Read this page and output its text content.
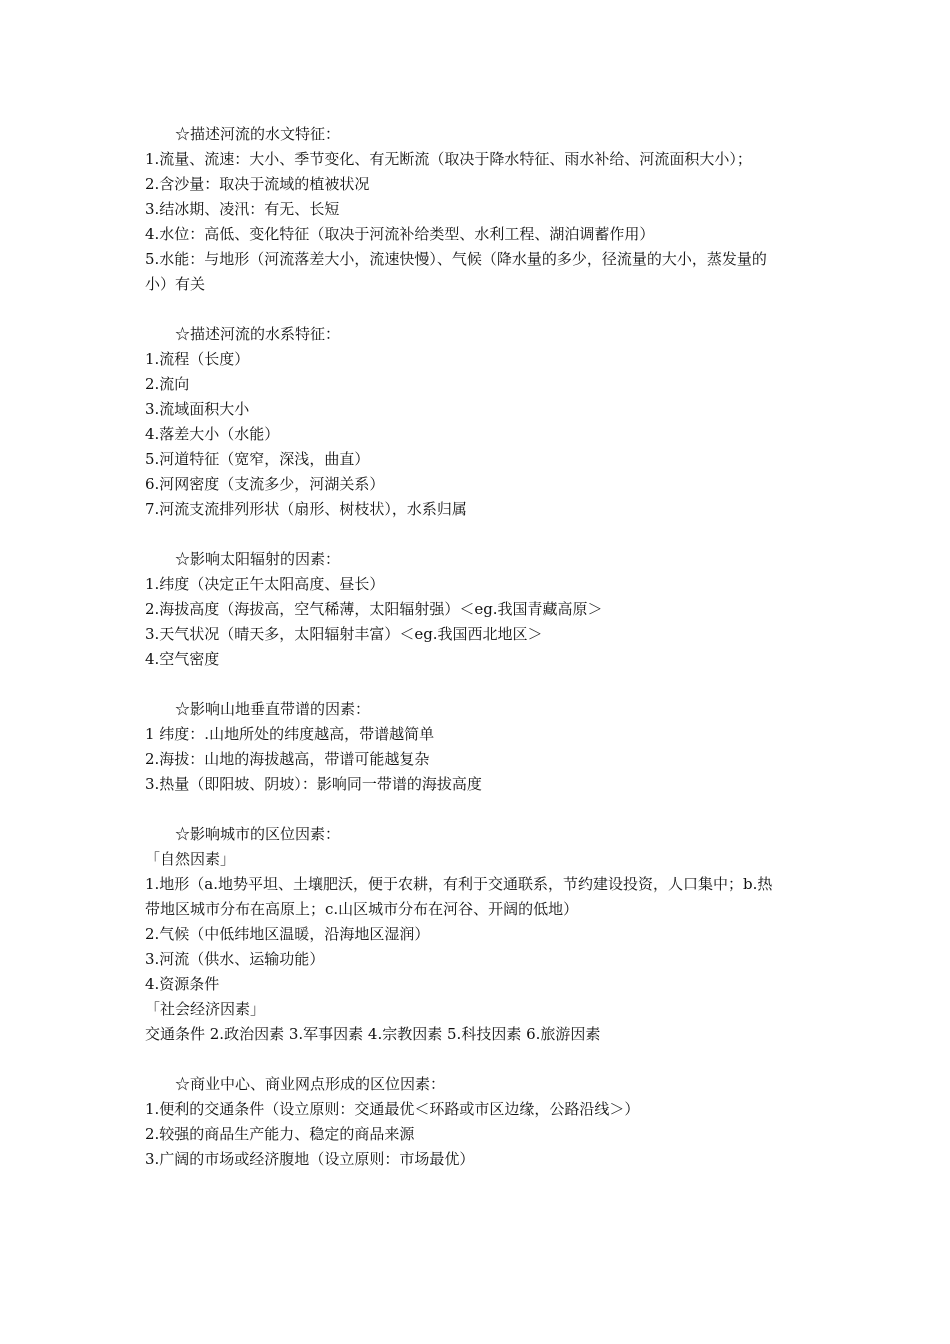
☆描述河流的水文特征：
1.流量、流速：大小、季节变化、有无断流（取决于降水特征、雨水补给、河流面积大小）；
2.含沙量：取决于流域的植被状况
3.结冰期、凌汛：有无、长短
4.水位：高低、变化特征（取决于河流补给类型、水利工程、湖泊调蓄作用）
5.水能：与地形（河流落差大小，流速快慢）、气候（降水量的多少，径流量的大小，蒸发量的
小）有关
☆描述河流的水系特征：
1.流程（长度）
2.流向
3.流域面积大小
4.落差大小（水能）
5.河道特征（宽窄，深浅，曲直）
6.河网密度（支流多少，河湖关系）
7.河流支流排列形状（扇形、树枝状），水系归属
☆影响太阳辐射的因素：
1.纬度（决定正午太阳高度、昼长）
2.海拔高度（海拔高，空气稀薄，太阳辐射强）＜eg.我国青藏高原＞
3.天气状况（晴天多，太阳辐射丰富）＜eg.我国西北地区＞
4.空气密度
☆影响山地垂直带谱的因素：
1 纬度：.山地所处的纬度越高，带谱越简单
2.海拔：山地的海拔越高，带谱可能越复杂
3.热量（即阳坡、阴坡）：影响同一带谱的海拔高度
☆影响城市的区位因素：
「自然因素」
1.地形（a.地势平坦、土壤肥沃，便于农耕，有利于交通联系，节约建设投资，人口集中；b.热
带地区城市分布在高原上；c.山区城市分布在河谷、开阔的低地）
2.气候（中低纬地区温暖，沿海地区湿润）
3.河流（供水、运输功能）
4.资源条件
「社会经济因素」
交通条件 2.政治因素 3.军事因素 4.宗教因素 5.科技因素 6.旅游因素
☆商业中心、商业网点形成的区位因素：
1.便利的交通条件（设立原则：交通最优＜环路或市区边缘，公路沿线＞）
2.较强的商品生产能力、稳定的商品来源
3.广阔的市场或经济腹地（设立原则：市场最优）
